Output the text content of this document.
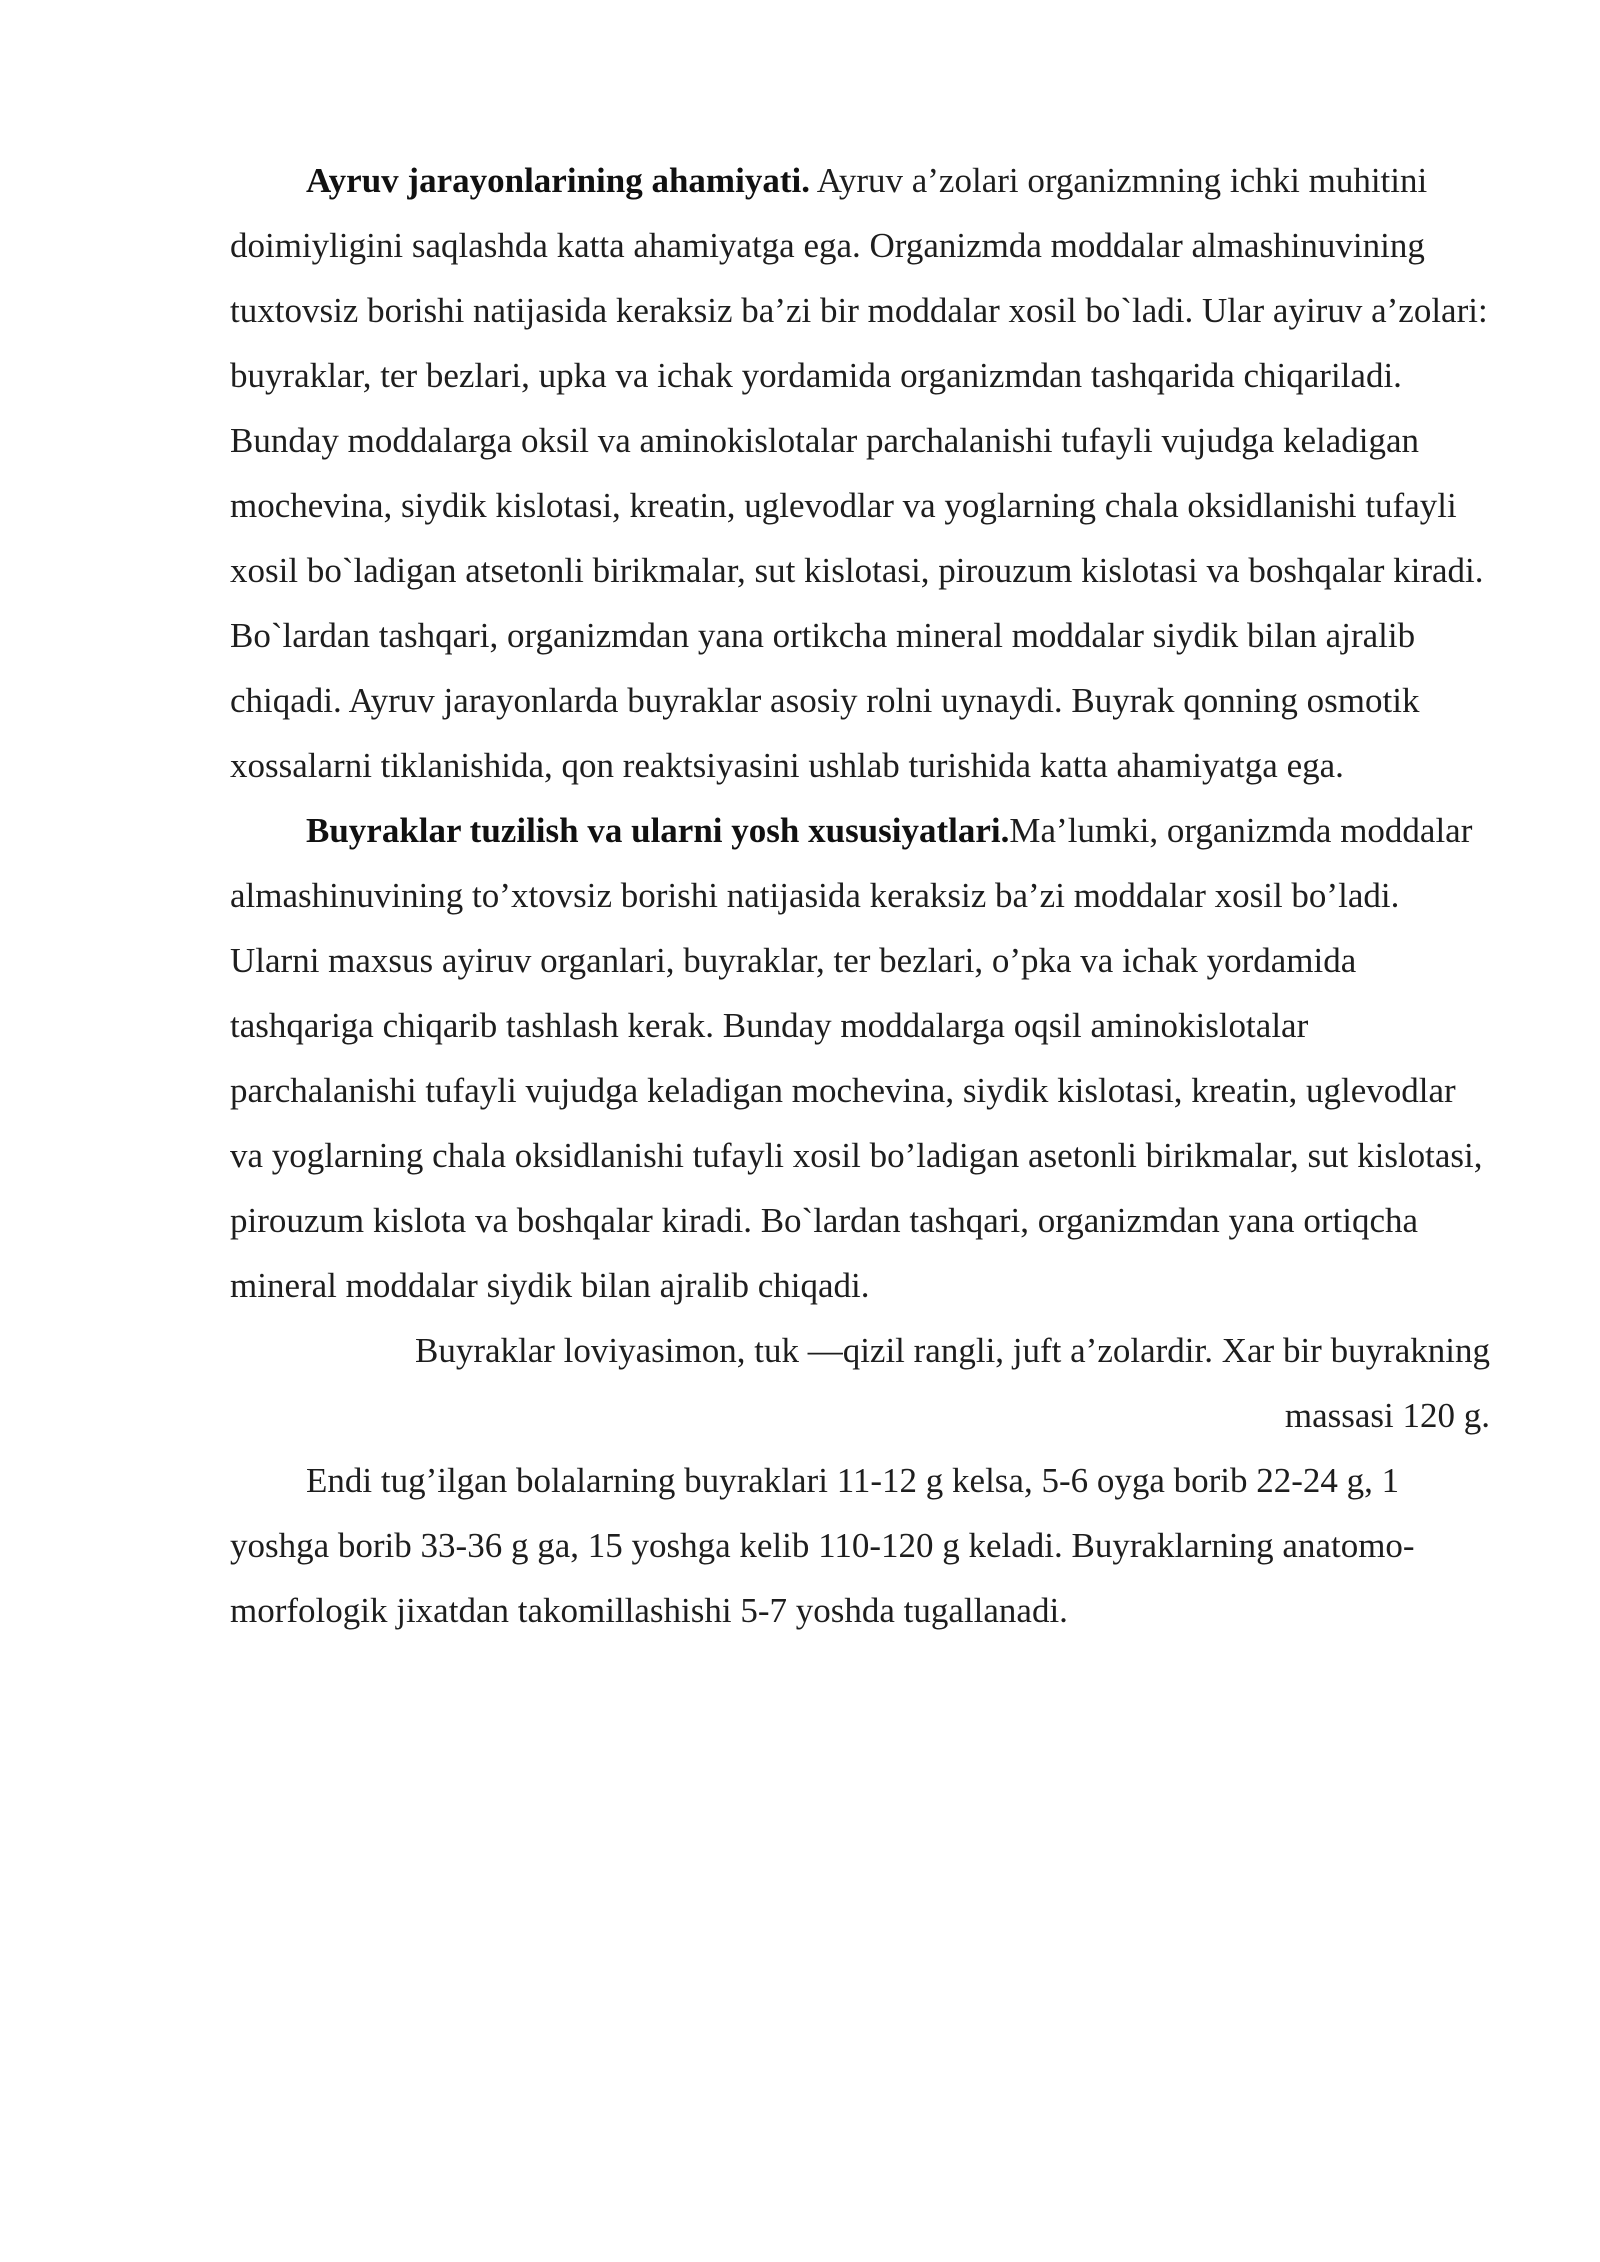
Ayruv jarayonlarining ahamiyati. Ayruv a’zolari organizmning ichki muhitini doimiyligini saqlashda katta ahamiyatga ega. Organizmda moddalar almashinuvining tuxtovsiz borishi natijasida keraksiz ba’zi bir moddalar xosil bo`ladi. Ular ayiruv a’zolari: buyraklar, ter bezlari, upka va ichak yordamida organizmdan tashqarida chiqariladi. Bunday moddalarga oksil va aminokislotalar parchalanishi tufayli vujudga keladigan mochevina, siydik kislotasi, kreatin, uglevodlar va yoglarning chala oksidlanishi tufayli xosil bo`ladigan atsetonli birikmalar, sut kislotasi, pirouzum kislotasi va boshqalar kiradi. Bo`lardan tashqari, organizmdan yana ortikcha mineral moddalar siydik bilan ajralib chiqadi. Ayruv jarayonlarda buyraklar asosiy rolni uynaydi. Buyrak qonning osmotik xossalarni tiklanishida, qon reaktsiyasini ushlab turishida katta ahamiyatga ega.

Buyraklar tuzilish va ularni yosh xususiyatlari.Ma’lumki, organizmda moddalar almashinuvining to’xtovsiz borishi natijasida keraksiz ba’zi moddalar xosil bo’ladi. Ularni maxsus ayiruv organlari, buyraklar, ter bezlari, o’pka va ichak yordamida tashqariga chiqarib tashlash kerak. Bunday moddalarga oqsil aminokislotalar parchalanishi tufayli vujudga keladigan mochevina, siydik kislotasi, kreatin, uglevodlar va yoglarning chala oksidlanishi tufayli xosil bo’ladigan asetonli birikmalar, sut kislotasi, pirouzum kislota va boshqalar kiradi. Bo`lardan tashqari, organizmdan yana ortiqcha mineral moddalar siydik bilan ajralib chiqadi.

Buyraklar loviyasimon, tuk —qizil rangli, juft a’zolardir. Xar bir buyrakning massasi 120 g.

Endi tug’ilgan bolalarning buyraklari 11-12 g kelsa, 5-6 oyga borib 22-24 g, 1 yoshga borib 33-36 g ga, 15 yoshga kelib 110-120 g keladi. Buyraklarning anatomo-morfologik jixatdan takomillashishi 5-7 yoshda tugallanadi.
